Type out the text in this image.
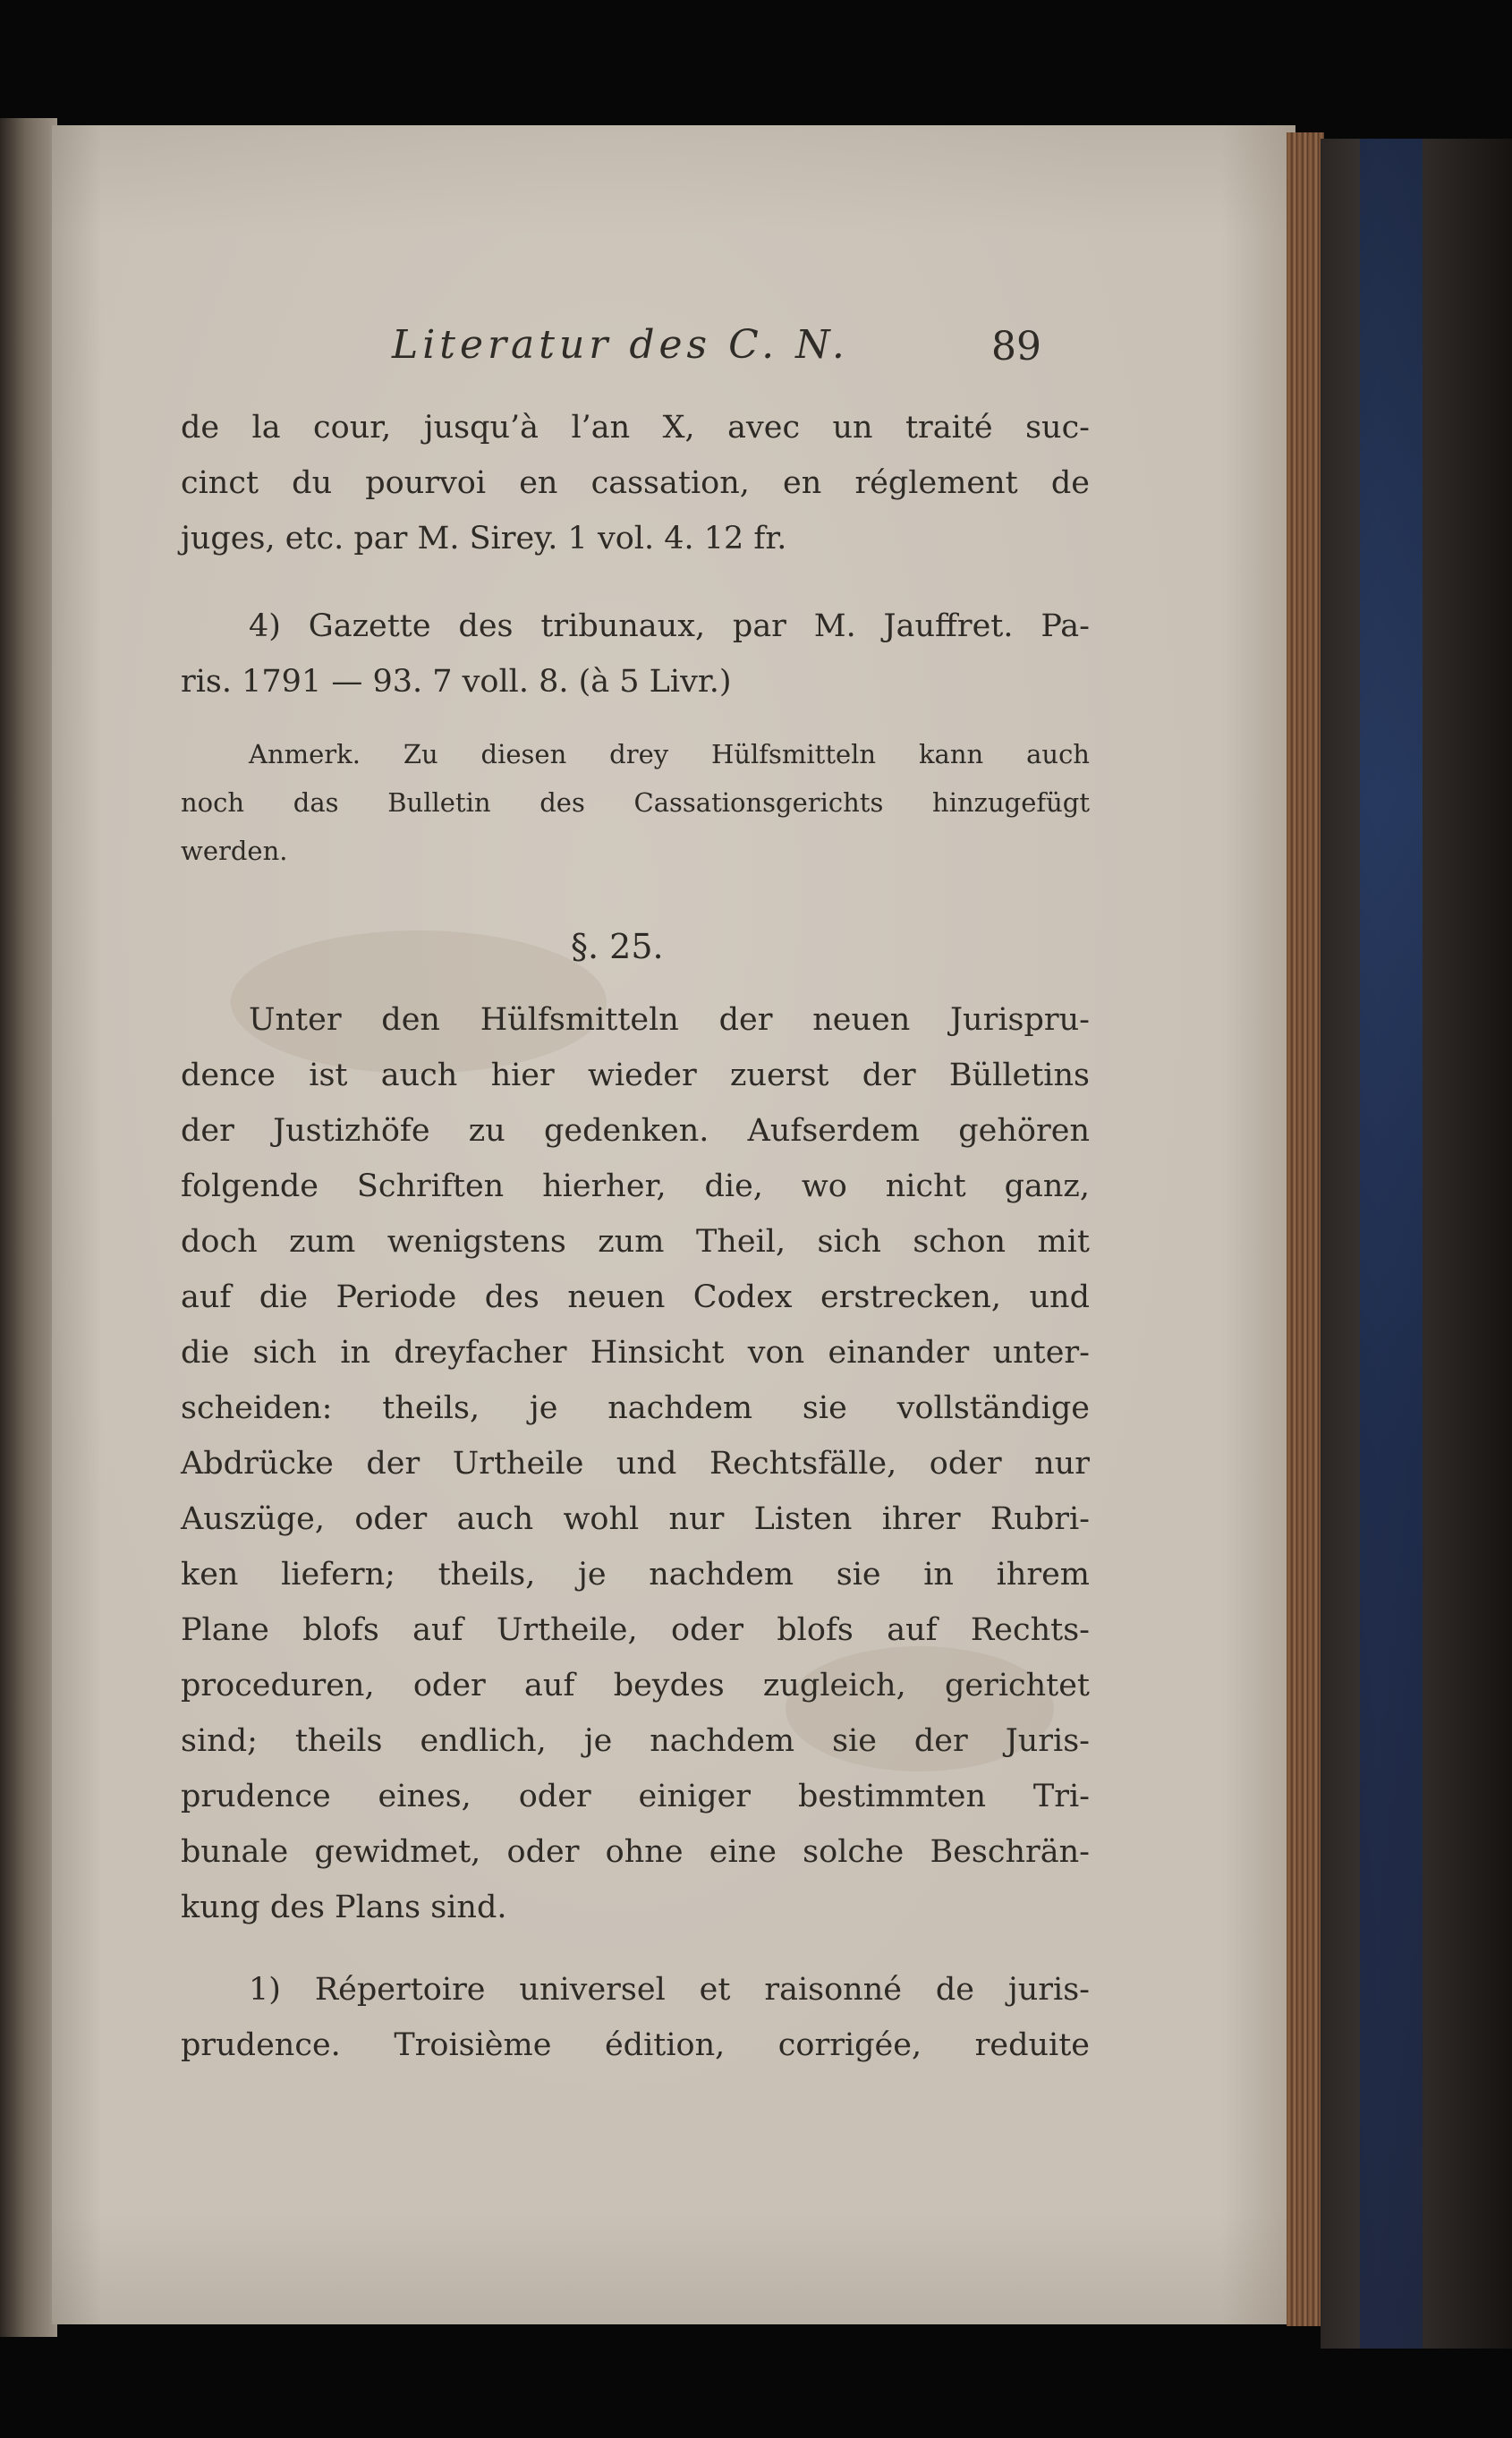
Literatur des C. N.	89
de la cour, jusqu’à l’an X, avec un traité suc-
cinct du pourvoi en cassation, en réglement de
juges, etc. par M. Sirey. 1 vol. 4. 12 fr.
4) Gazette des tribunaux, par M. Jauffret. Pa-
ris. 1791 — 93. 7 voll. 8. (à 5 Livr.)
Anmerk. Zu diesen drey Hülfsmitteln kann auch
noch das Bulletin des Cassationsgerichts hinzugefügt
werden.
§. 25.
Unter den Hülfsmitteln der neuen Jurispru-
dence ist auch hier wieder zuerst der Bülletins
der Justizhöfe zu gedenken. Aufserdem gehören
folgende Schriften hierher, die, wo nicht ganz,
doch zum wenigstens zum Theil, sich schon mit
auf die Periode des neuen Codex erstrecken, und
die sich in dreyfacher Hinsicht von einander unter-
scheiden: theils, je nachdem sie vollständige
Abdrücke der Urtheile und Rechtsfälle, oder nur
Auszüge, oder auch wohl nur Listen ihrer Rubri-
ken liefern; theils, je nachdem sie in ihrem
Plane blofs auf Urtheile, oder blofs auf Rechts-
proceduren, oder auf beydes zugleich, gerichtet
sind; theils endlich, je nachdem sie der Juris-
prudence eines, oder einiger bestimmten Tri-
bunale gewidmet, oder ohne eine solche Beschrän-
kung des Plans sind.
1) Répertoire universel et raisonné de juris-
prudence. Troisième édition, corrigée, reduite
